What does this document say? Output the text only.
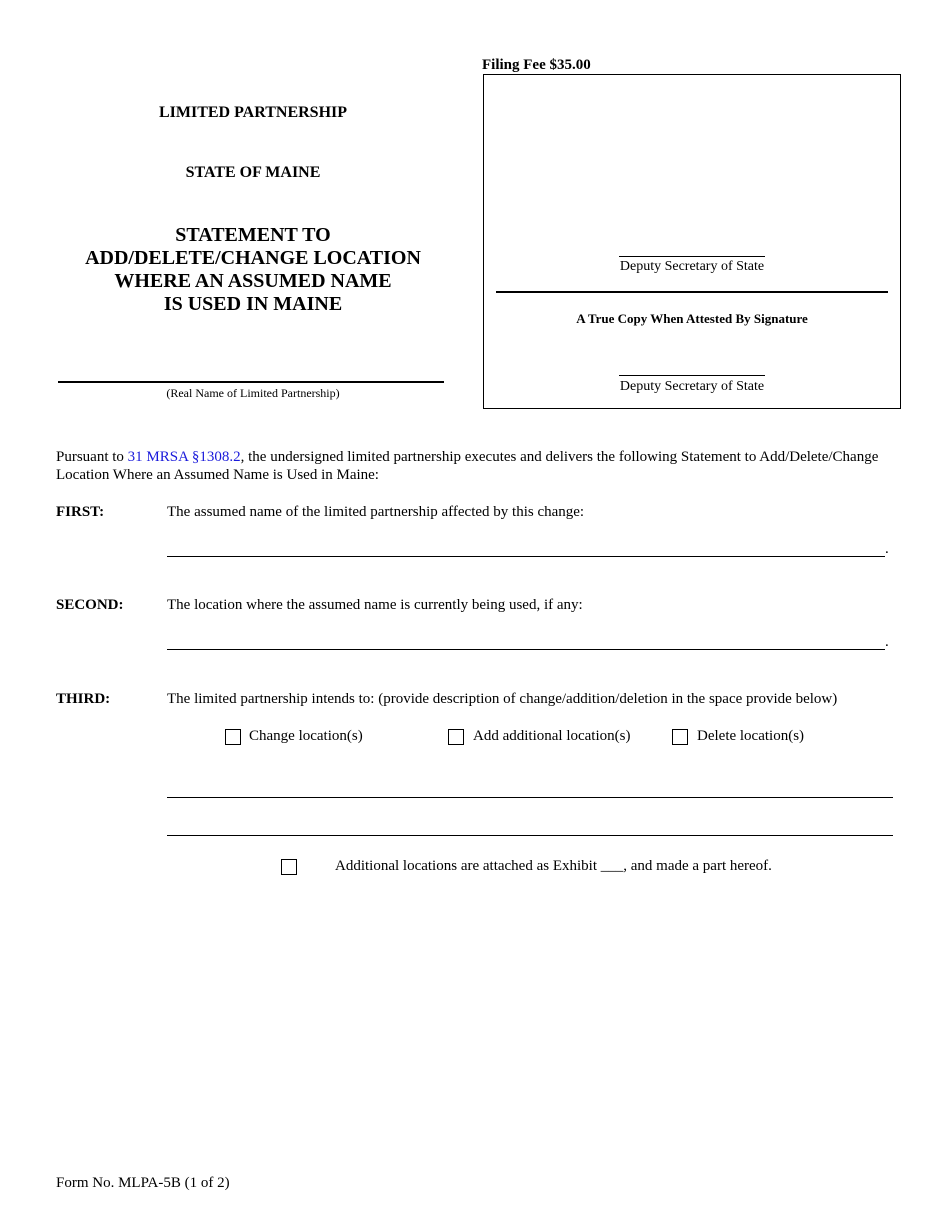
LIMITED PARTNERSHIP
STATE OF MAINE
STATEMENT TO
ADD/DELETE/CHANGE LOCATION
WHERE AN ASSUMED NAME
IS USED IN MAINE
(Real Name of Limited Partnership)
Filing Fee $35.00
Deputy Secretary of State
A True Copy When Attested By Signature
Deputy Secretary of State
Pursuant to 31 MRSA §1308.2, the undersigned limited partnership executes and delivers the following Statement to Add/Delete/Change Location Where an Assumed Name is Used in Maine:
FIRST:	The assumed name of the limited partnership affected by this change:
.
SECOND:	The location where the assumed name is currently being used, if any:
.
THIRD:	The limited partnership intends to: (provide description of change/addition/deletion in the space provide below)
Change location(s)	Add additional location(s)	Delete location(s)
Additional locations are attached as Exhibit ___, and made a part hereof.
Form No. MLPA-5B (1 of 2)
